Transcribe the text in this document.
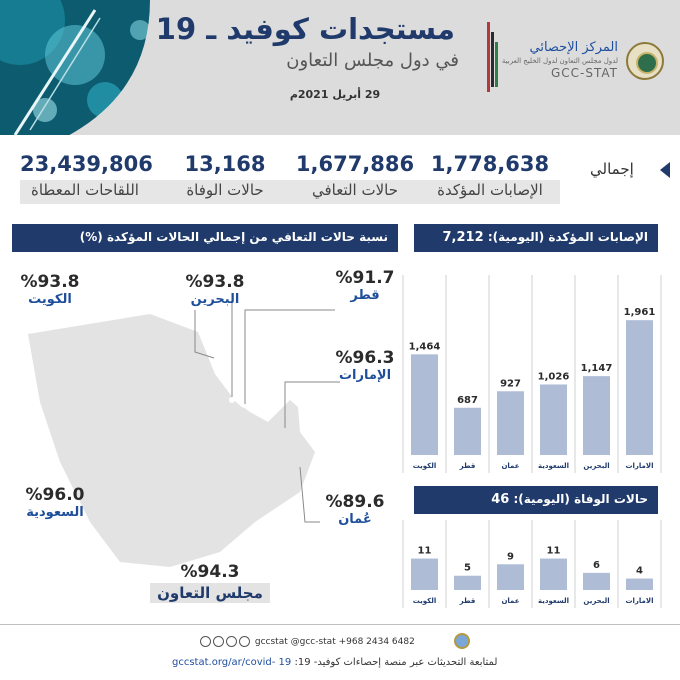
مستجدات كوفيد ـ 19
في دول مجلس التعاون
29 أبريل 2021م
المركز الإحصائي
لدول مجلس التعاون لدول الخليج العربية
GCC-STAT
1,778,638
الإصابات المؤكدة
1,677,886
حالات التعافي
13,168
حالات الوفاة
23,439,806
اللقاحات المعطاة
إجمالي
نسبة حالات التعافي من إجمالي الحالات المؤكدة (%)
%93.8
الكويت
%93.8
البحرين
%91.7
قطر
%96.3
الإمارات
%96.0
السعودية
%89.6
عُمان
%94.3
مجلس التعاون
الإصابات المؤكدة (اليومية): 7,212
1,464
الكويت
687
قطر
927
عمان
1,026
السعودية
1,147
البحرين
1,961
الامارات
حالات الوفاة (اليومية): 46
11
الكويت
5
قطر
9
عمان
11
السعودية
6
البحرين
4
الامارات
gccstat @gcc-stat +968 2434 6482
لمتابعة التحديثات عبر منصة إحصاءات كوفيد- 19: gccstat.org/ar/covid- 19
